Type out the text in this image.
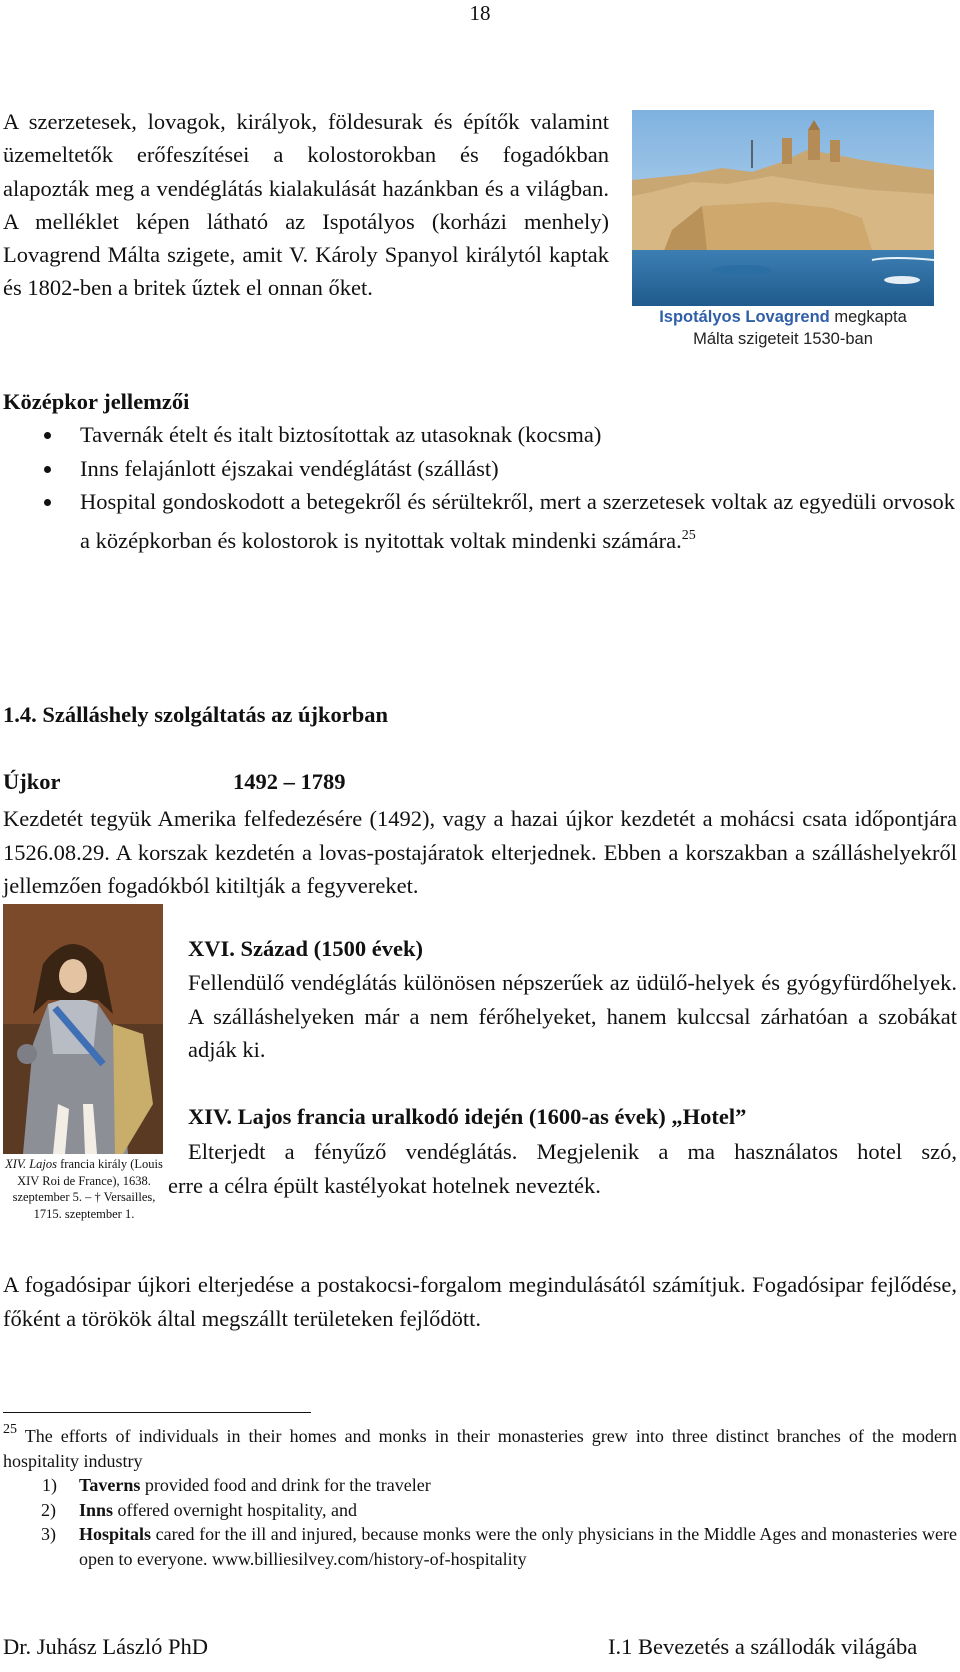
18

A szerzetesek, lovagok, királyok, földesurak és építők valamint üzemeltetők erőfeszítései a kolostorokban és fogadókban alapozták meg a vendéglátás kialakulását hazánkban és a világban. A melléklet képen látható az Ispotályos (korházi menhely) Lovagrend Málta szigete, amit V. Károly Spanyol királytól kaptak és 1802-ben a britek űztek el onnan őket.

Ispotályos Lovagrend megkapta
Málta szigeteit 1530-ban
Középkor jellemzői
Tavernák ételt és italt biztosítottak az utasoknak (kocsma)
Inns felajánlott éjszakai vendéglátást (szállást)
Hospital gondoskodott a betegekről és sérültekről, mert a szerzetesek voltak az egyedüli orvosok a középkorban és kolostorok is nyitottak voltak mindenki számára.$^{25}$
1.4. Szálláshely szolgáltatás az újkorban
Újkor	1492 – 1789

Kezdetét tegyük Amerika felfedezésére (1492), vagy a hazai újkor kezdetét a mohácsi csata időpontjára 1526.08.29. A korszak kezdetén a lovas-postajáratok elterjednek. Ebben a korszakban a szálláshelyekről jellemzően fogadókból kitiltják a fegyvereket.

XIV. Lajos francia király (Louis XIV Roi de France), 1638. szeptember 5. – † Versailles, 1715. szeptember 1.
XVI. Század (1500 évek)

Fellendülő vendéglátás különösen népszerűek az üdülő-helyek és gyógyfürdőhelyek. A szálláshelyeken már a nem férőhelyeket, hanem kulccsal zárhatóan a szobákat adják ki.

XIV. Lajos francia uralkodó idején (1600-as évek) „Hotel”
Elterjedt a fényűző vendéglátás. Megjelenik a ma használatos hotel szó,
erre a célra épült kastélyokat hotelnek nevezték.

A fogadósipar újkori elterjedése a postakocsi-forgalom megindulásától számítjuk. Fogadósipar fejlődése, főként a törökök által megszállt területeken fejlődött.

$^{25}$ The efforts of individuals in their homes and monks in their monasteries grew into three distinct branches of the modern hospitality industry
1) Taverns provided food and drink for the traveler
2) Inns offered overnight hospitality, and
3) Hospitals cared for the ill and injured, because monks were the only physicians in the Middle Ages and monasteries were open to everyone. www.billiesilvey.com/history-of-hospitality
Dr. Juhász László PhD	I.1 Bevezetés a szállodák világába
